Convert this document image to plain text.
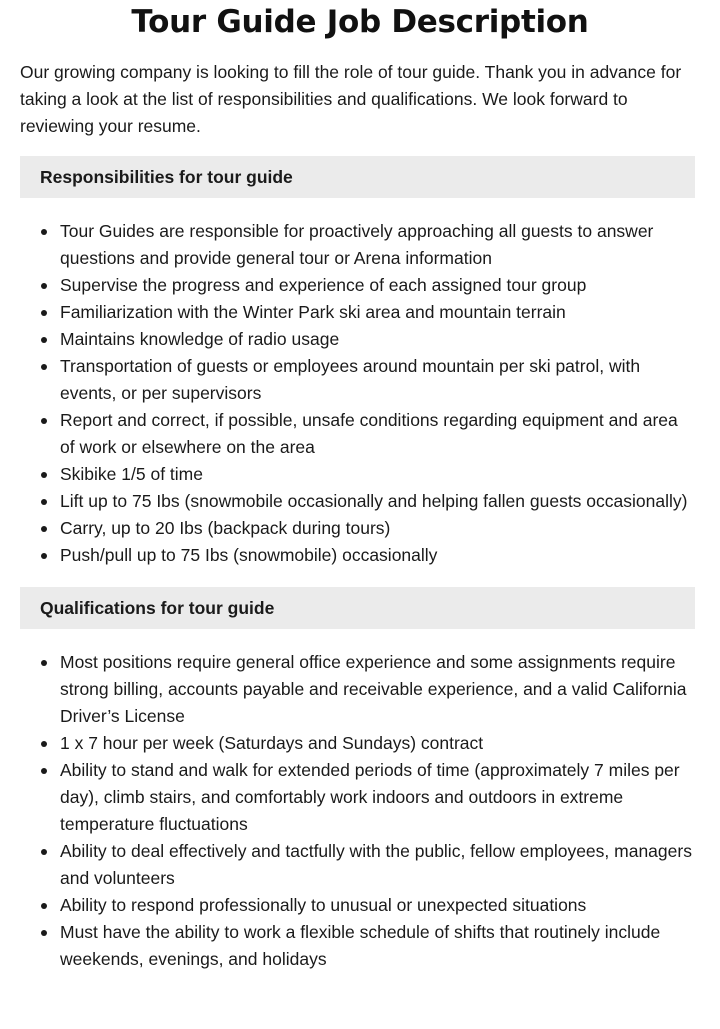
Tour Guide Job Description

Our growing company is looking to fill the role of tour guide. Thank you in advance for taking a look at the list of responsibilities and qualifications. We look forward to reviewing your resume.

Responsibilities for tour guide
Tour Guides are responsible for proactively approaching all guests to answer questions and provide general tour or Arena information
Supervise the progress and experience of each assigned tour group
Familiarization with the Winter Park ski area and mountain terrain
Maintains knowledge of radio usage
Transportation of guests or employees around mountain per ski patrol, with events, or per supervisors
Report and correct, if possible, unsafe conditions regarding equipment and area of work or elsewhere on the area
Skibike 1/5 of time
Lift up to 75 Ibs (snowmobile occasionally and helping fallen guests occasionally)
Carry, up to 20 Ibs (backpack during tours)
Push/pull up to 75 Ibs (snowmobile) occasionally
Qualifications for tour guide
Most positions require general office experience and some assignments require strong billing, accounts payable and receivable experience, and a valid California Driver’s License
1 x 7 hour per week (Saturdays and Sundays) contract
Ability to stand and walk for extended periods of time (approximately 7 miles per day), climb stairs, and comfortably work indoors and outdoors in extreme temperature fluctuations
Ability to deal effectively and tactfully with the public, fellow employees, managers and volunteers
Ability to respond professionally to unusual or unexpected situations
Must have the ability to work a flexible schedule of shifts that routinely include weekends, evenings, and holidays
